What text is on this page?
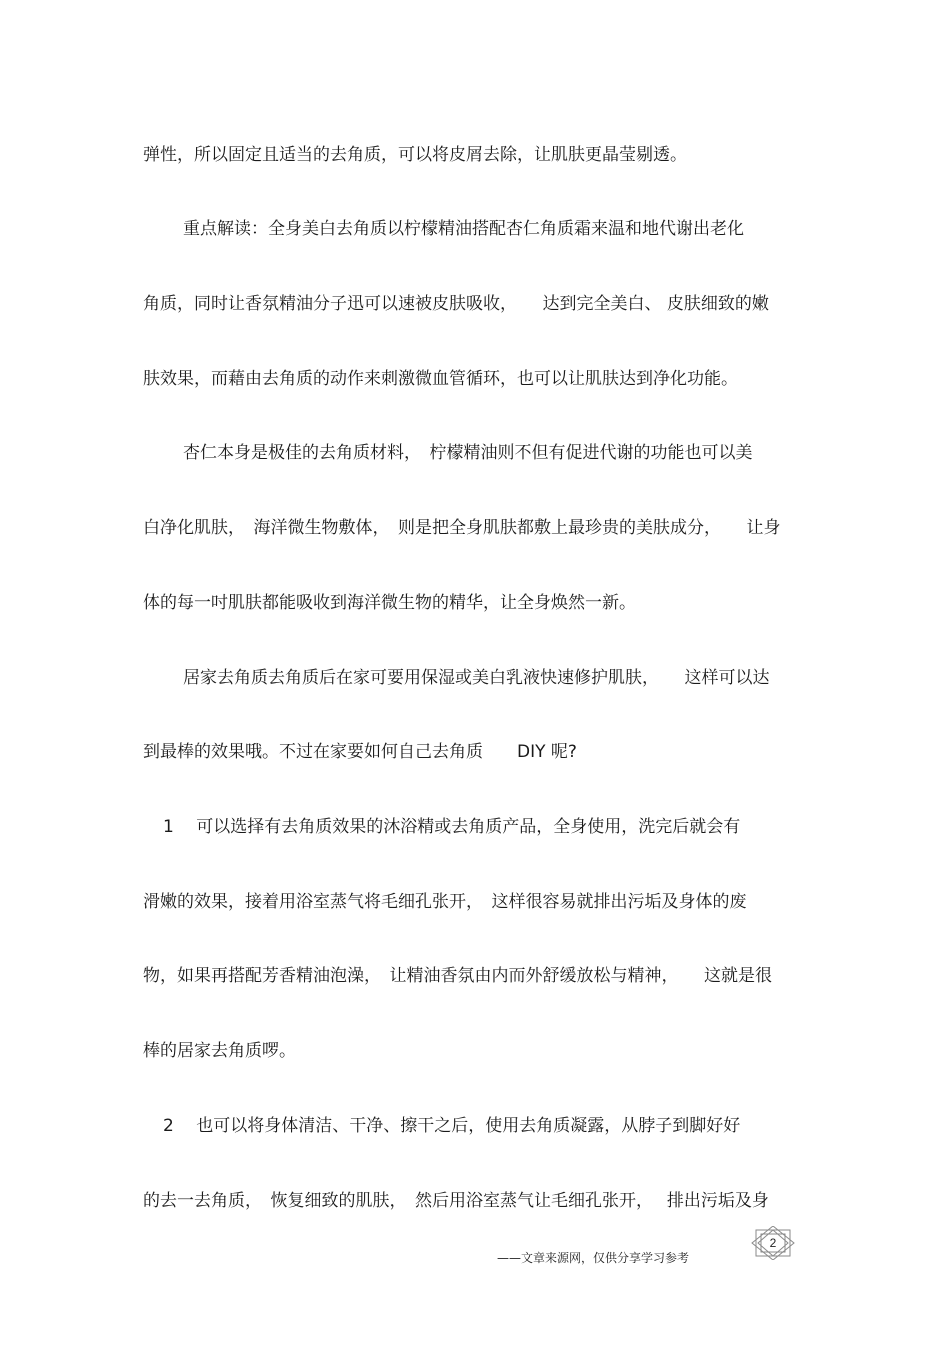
弹性，所以固定且适当的去角质，可以将皮屑去除，让肌肤更晶莹剔透。

重点解读：全身美白去角质以柠檬精油搭配杏仁角质霜来温和地代谢出老化

角质，同时让香氛精油分子迅可以速被皮肤吸收，　　达到完全美白、 皮肤细致的嫩

肤效果，而藉由去角质的动作来刺激微血管循环，也可以让肌肤达到净化功能。

杏仁本身是极佳的去角质材料，　柠檬精油则不但有促进代谢的功能也可以美

白净化肌肤，　海洋微生物敷体，　则是把全身肌肤都敷上最珍贵的美肤成分，　　让身

体的每一吋肌肤都能吸收到海洋微生物的精华，让全身焕然一新。

居家去角质去角质后在家可要用保湿或美白乳液快速修护肌肤，　　这样可以达

到最棒的效果哦。不过在家要如何自己去角质　　DIY 呢?

1　 可以选择有去角质效果的沐浴精或去角质产品，全身使用，洗完后就会有

滑嫩的效果，接着用浴室蒸气将毛细孔张开，　这样很容易就排出污垢及身体的废

物，如果再搭配芳香精油泡澡，　让精油香氛由内而外舒缓放松与精神，　　这就是很

棒的居家去角质啰。

2　 也可以将身体清洁、干净、擦干之后，使用去角质凝露，从脖子到脚好好

的去一去角质，　恢复细致的肌肤，　然后用浴室蒸气让毛细孔张开，　 排出污垢及身

——文章来源网，仅供分享学习参考
2
